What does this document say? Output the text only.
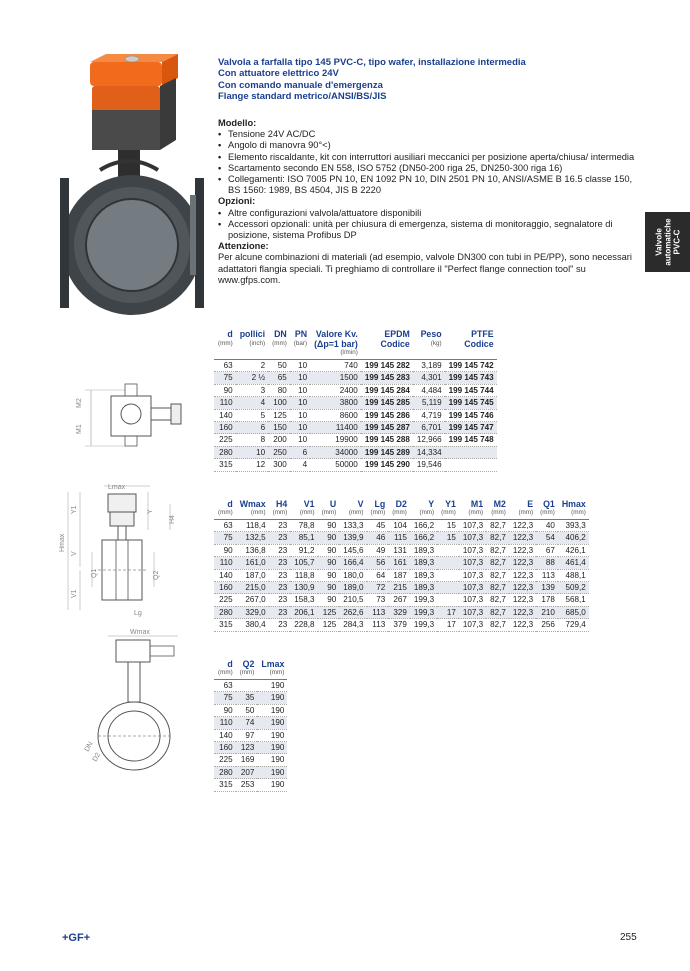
Valvola a farfalla tipo 145 PVC-C, tipo wafer, installazione intermedia
Con attuatore elettrico 24V
Con comando manuale d'emergenza
Flange standard metrico/ANSI/BS/JIS
Modello:
• Tensione 24V AC/DC
• Angolo di manovra 90°<)
• Elemento riscaldante, kit con interruttori ausiliari meccanici per posizione aperta/chiusa/ intermedia
• Scartamento secondo EN 558, ISO 5752 (DN50-200 riga 25, DN250-300 riga 16)
• Collegamenti: ISO 7005 PN 10, EN 1092 PN 10, DIN 2501 PN 10, ANSI/ASME B 16.5 classe 150, BS 1560: 1989, BS 4504, JIS B 2220
Opzioni:
• Altre configurazioni valvola/attuatore disponibili
• Accessori opzionali: unità per chiusura di emergenza, sistema di monitoraggio, segnalatore di posizione, sistema Profibus DP
Attenzione:
Per alcune combinazioni di materiali (ad esempio, valvole DN300 con tubi in PE/PP), sono necessari adattatori flangia speciali. Ti preghiamo di controllare il "Perfect flange connection tool" su www.gfps.com.
Valvole automatiche PVC-C
M2
M1
Hmax
Y1
V
Q1
V1
Y
H4
Q2
Lmax
Lg
Wmax
DN
D2
d	pollici	DN	PN	Valore Kv.	EPDM	Peso	PTFE
(mm)	(inch)	(mm)	(bar)	(Δp=1 bar)	Codice	(kg)	Codice
				(l/min)			
63	2	50	10	740	199 145 282	3,189	199 145 742
75	2 ½	65	10	1500	199 145 283	4,301	199 145 743
90	3	80	10	2400	199 145 284	4,484	199 145 744
110	4	100	10	3800	199 145 285	5,119	199 145 745
140	5	125	10	8600	199 145 286	4,719	199 145 746
160	6	150	10	11400	199 145 287	6,701	199 145 747
225	8	200	10	19900	199 145 288	12,966	199 145 748
280	10	250	6	34000	199 145 289	14,334	
315	12	300	4	50000	199 145 290	19,546	
d	Wmax	H4	V1	U	V	Lg	D2	Y	Y1	M1	M2	E	Q1	Hmax
(mm)	(mm)	(mm)	(mm)	(mm)	(mm)	(mm)	(mm)	(mm)	(mm)	(mm)	(mm)	(mm)	(mm)	(mm)
63	118,4	23	78,8	90	133,3	45	104	166,2	15	107,3	82,7	122,3	40	393,3
75	132,5	23	85,1	90	139,9	46	115	166,2	15	107,3	82,7	122,3	54	406,2
90	136,8	23	91,2	90	145,6	49	131	189,3		107,3	82,7	122,3	67	426,1
110	161,0	23	105,7	90	166,4	56	161	189,3		107,3	82,7	122,3	88	461,4
140	187,0	23	118,8	90	180,0	64	187	189,3		107,3	82,7	122,3	113	488,1
160	215,0	23	130,9	90	189,0	72	215	189,3		107,3	82,7	122,3	139	509,2
225	267,0	23	158,3	90	210,5	73	267	199,3		107,3	82,7	122,3	178	568,1
280	329,0	23	206,1	125	262,6	113	329	199,3	17	107,3	82,7	122,3	210	685,0
315	380,4	23	228,8	125	284,3	113	379	199,3	17	107,3	82,7	122,3	256	729,4
d	Q2	Lmax
(mm)	(mm)	(mm)
63		190
75	35	190
90	50	190
110	74	190
140	97	190
160	123	190
225	169	190
280	207	190
315	253	190
+GF+	255
